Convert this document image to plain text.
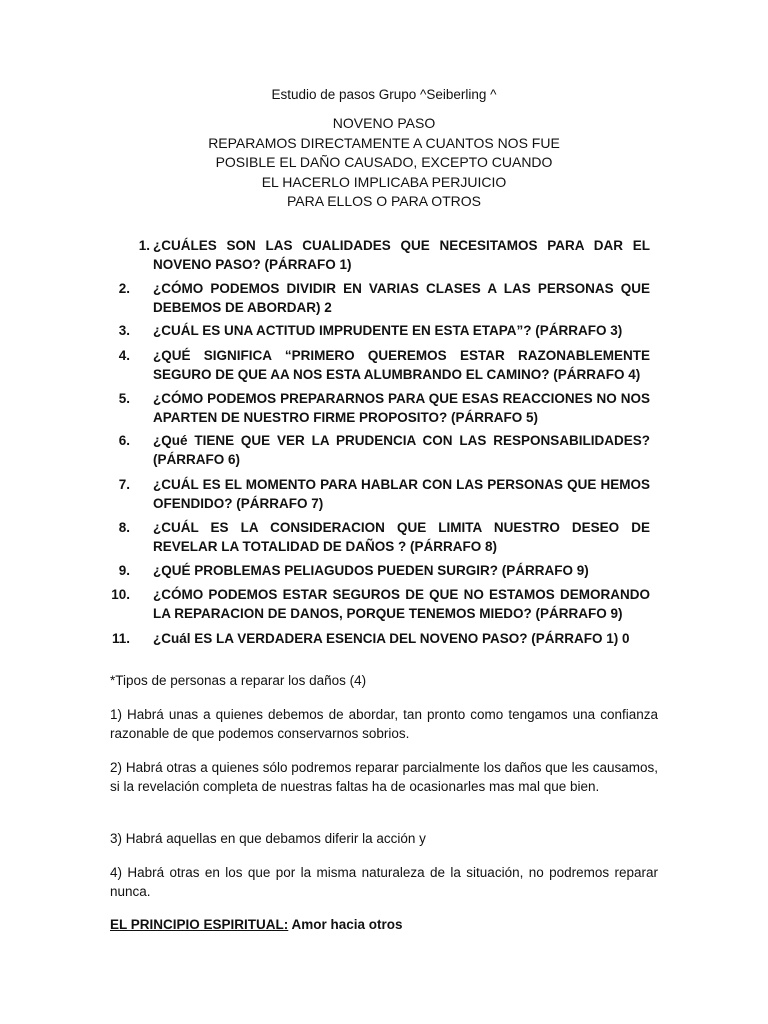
Estudio de pasos Grupo ^Seiberling ^
NOVENO PASO
REPARAMOS DIRECTAMENTE A CUANTOS NOS FUE
POSIBLE EL DAÑO CAUSADO, EXCEPTO CUANDO
EL HACERLO IMPLICABA PERJUICIO
PARA ELLOS O PARA OTROS
1. ¿CUÁLES SON LAS CUALIDADES QUE NECESITAMOS PARA DAR EL NOVENO PASO? (PÁRRAFO 1)
2. ¿CÓMO PODEMOS DIVIDIR EN VARIAS CLASES A LAS PERSONAS QUE DEBEMOS DE ABORDAR) 2
3. ¿CUÁL ES UNA ACTITUD IMPRUDENTE EN ESTA ETAPA”? (PÁRRAFO 3)
4. ¿QUÉ SIGNIFICA “PRIMERO QUEREMOS ESTAR RAZONABLEMENTE SEGURO DE QUE AA NOS ESTA ALUMBRANDO EL CAMINO? (PÁRRAFO 4)
5. ¿CÓMO PODEMOS PREPARARNOS PARA QUE ESAS REACCIONES NO NOS APARTEN DE NUESTRO FIRME PROPOSITO? (PÁRRAFO 5)
6. ¿Qué TIENE QUE VER LA PRUDENCIA CON LAS RESPONSABILIDADES? (PÁRRAFO 6)
7. ¿CUÁL ES EL MOMENTO PARA HABLAR CON LAS PERSONAS QUE HEMOS OFENDIDO? (PÁRRAFO 7)
8. ¿CUÁL ES LA CONSIDERACION QUE LIMITA NUESTRO DESEO DE REVELAR LA TOTALIDAD DE DAÑOS ? (PÁRRAFO 8)
9. ¿QUÉ PROBLEMAS PELIAGUDOS PUEDEN SURGIR? (PÁRRAFO 9)
10. ¿CÓMO PODEMOS ESTAR SEGUROS DE QUE NO ESTAMOS DEMORANDO LA REPARACION DE DANOS, PORQUE TENEMOS MIEDO? (PÁRRAFO 9)
11. ¿Cuál ES LA VERDADERA ESENCIA DEL NOVENO PASO? (PÁRRAFO 1) 0
*Tipos de personas a reparar los daños (4)
1) Habrá unas a quienes debemos de abordar, tan pronto como tengamos una confianza razonable de que podemos conservarnos sobrios.
2) Habrá otras a quienes sólo podremos reparar parcialmente los daños que les causamos, si la revelación completa de nuestras faltas ha de ocasionarles mas mal que bien.
3) Habrá aquellas en que debamos diferir la acción y
4) Habrá otras en los que por la misma naturaleza de la situación, no podremos reparar nunca.
EL PRINCIPIO ESPIRITUAL: Amor hacia otros
